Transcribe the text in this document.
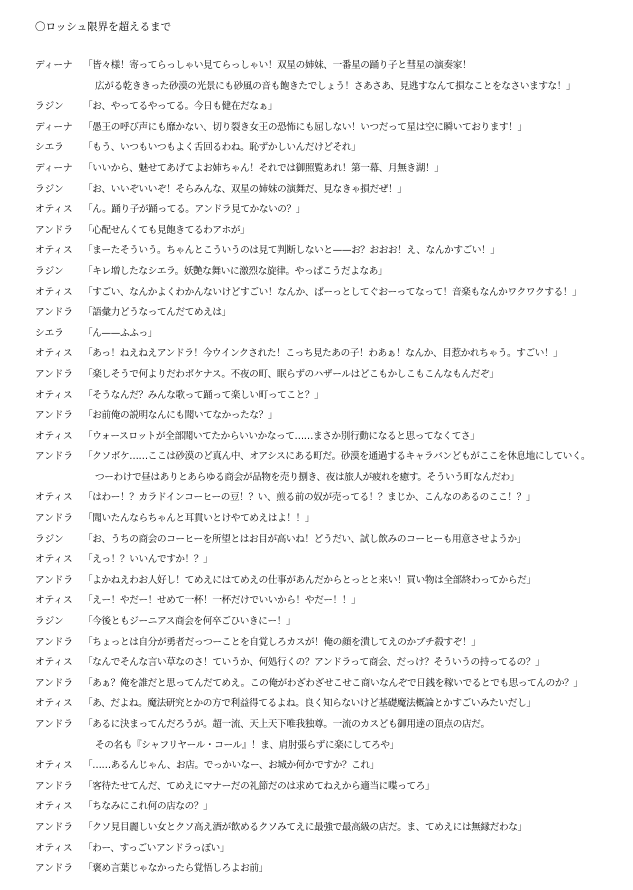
〇ロッシュ限界を超えるまで
ディーナ	「皆々様！寄ってらっしゃい見てらっしゃい！双星の姉妹、一番星の踊り子と彗星の演奏家！
広がる乾ききった砂漠の光景にも砂風の音も飽きたでしょう！さあさあ、見逃すなんて損なことをなさいますな！」
ラジン	「お、やってるやってる。今日も健在だなぁ」
ディーナ	「愚王の呼び声にも靡かない、切り裂き女王の恐怖にも屈しない！いつだって星は空に瞬いております！」
シエラ	「もう、いつもいつもよく舌回るわね。恥ずかしいんだけどそれ」
ディーナ	「いいから、魅せてあげてよお姉ちゃん！それでは御照覧あれ！第一幕、月無き湖！」
ラジン	「お、いいぞいいぞ！そらみんな、双星の姉妹の演舞だ、見なきゃ損だぜ！」
オティス	「ん。踊り子が踊ってる。アンドラ見てかないの？」
アンドラ	「心配せんくても見飽きてるわアホが」
オティス	「まーたそういう。ちゃんとこういうのは見て判断しないと——お？おおお！え、なんかすごい！」
ラジン	「キレ増したなシエラ。妖艶な舞いに激烈な旋律。やっぱこうだよなあ」
オティス	「すごい、なんかよくわかんないけどすごい！なんか、ばーっとしてぐおーってなって！音楽もなんかワクワクする！」
アンドラ	「語彙力どうなってんだてめえは」
シエラ	「ん——ふふっ」
オティス	「あっ！ねえねえアンドラ！今ウインクされた！こっち見たあの子！わあぁ！なんか、目惹かれちゃう。すごい！」
アンドラ	「楽しそうで何よりだわボケナス。不夜の町、眠らずのハザールはどこもかしこもこんなもんだぞ」
オティス	「そうなんだ？みんな歌って踊って楽しい町ってこと？」
アンドラ	「お前俺の説明なんにも聞いてなかったな？」
オティス	「ウォースロットが全部聞いてたからいいかなって……まさか別行動になると思ってなくてさ」
アンドラ	「クソボケ……ここは砂漠のど真ん中、オアシスにある町だ。砂漠を通過するキャラバンどもがここを休息地にしていく。
つーわけで昼はありとあらゆる商会が品物を売り捌き、夜は旅人が疲れを癒す。そういう町なんだわ」
オティス	「はわー！？カラドインコーヒーの豆！？い、煎る前の奴が売ってる！？まじか、こんなのあるのここ！？」
アンドラ	「聞いたんならちゃんと耳貫いとけやてめえはよ！！」
ラジン	「お、うちの商会のコーヒーを所望とはお目が高いね！どうだい、試し飲みのコーヒーも用意させようか」
オティス	「えっ！？いいんですか！？」
アンドラ	「よかねえわお人好し！てめえにはてめえの仕事があんだからとっとと来い！買い物は全部終わってからだ」
オティス	「えー！やだー！せめて一杯！一杯だけでいいから！やだー！！」
ラジン	「今後ともジーニアス商会を何卒ごひいきにー！」
アンドラ	「ちょっとは自分が勇者だっつーことを自覚しろカスが！俺の顔を潰してえのかブチ殺すぞ！」
オティス	「なんでそんな言い草なのさ！ていうか、何処行くの？アンドラって商会、だっけ？そういうの持ってるの？」
アンドラ	「あぁ？俺を誰だと思ってんだてめえ。この俺がわざわざせこせこ商いなんぞで日銭を稼いでるとでも思ってんのか？」
オティス	「あ、だよね。魔法研究とかの方で利益得てるよね。良く知らないけど基礎魔法概論とかすごいみたいだし」
アンドラ	「あるに決まってんだろうが。超一流、天上天下唯我独尊。一流のカスども御用達の頂点の店だ。
その名も『シャフリヤール・コール』！ま、肩肘張らずに楽にしてろや」
オティス	「……あるんじゃん、お店。でっかいなー、お城か何かですか？これ」
アンドラ	「客待たせてんだ、てめえにマナーだの礼節だのは求めてねえから適当に喋ってろ」
オティス	「ちなみにこれ何の店なの？」
アンドラ	「クソ見目麗しい女とクソ高え酒が飲めるクソみてえに最強で最高級の店だ。ま、てめえには無縁だわな」
オティス	「わー、すっごいアンドラっぽい」
アンドラ	「褒め言葉じゃなかったら覚悟しろよお前」
